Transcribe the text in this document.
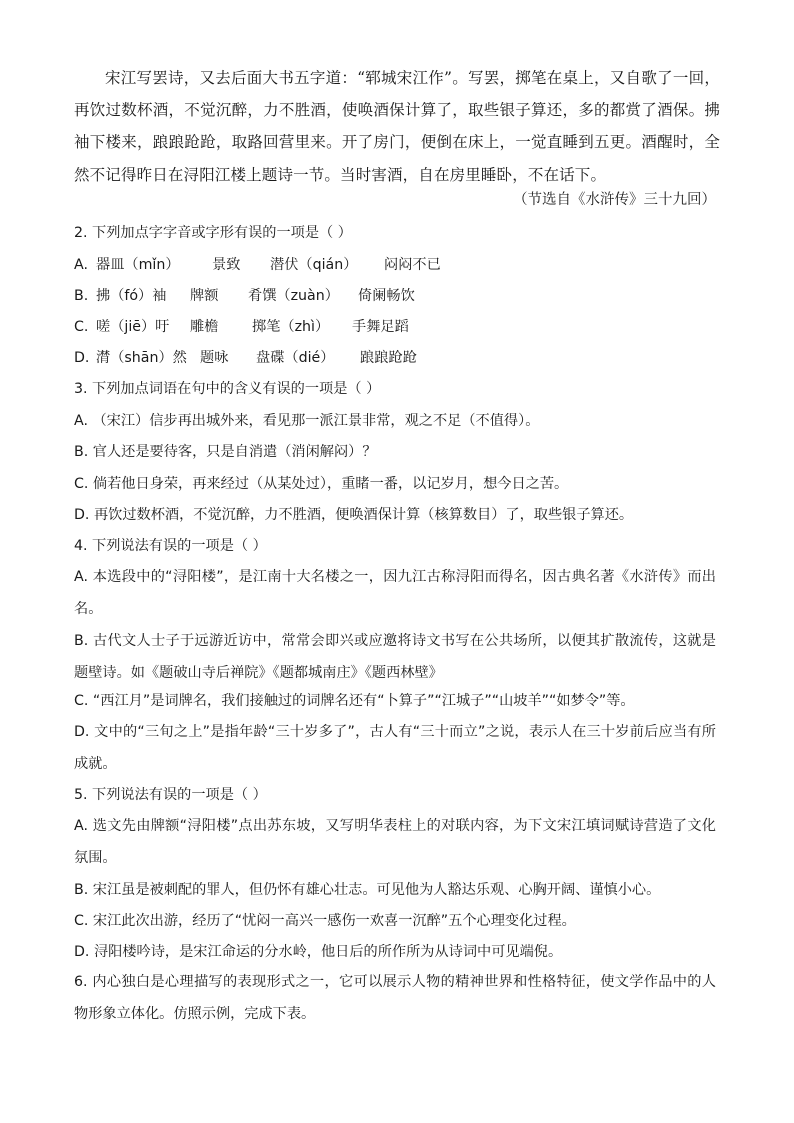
宋江写罢诗，又去后面大书五字道：“郓城宋江作”。写罢，掷笔在桌上，又自歌了一回，再饮过数杯酒，不觉沉醉，力不胜酒，使唤酒保计算了，取些银子算还，多的都赏了酒保。拂袖下楼来，踉踉跄跄，取路回营里来。开了房门，便倒在床上，一觉直睡到五更。酒醒时，全然不记得昨日在浔阳江楼上题诗一节。当时害酒，自在房里睡卧，不在话下。
（节选自《水浒传》三十九回）
2. 下列加点字字音或字形有误的一项是（ ）
A. 器皿（mǐn） 景致 潜伏（qián） 闷闷不已
B. 拂（fó）袖 牌额 肴馔（zuàn） 倚阑畅饮
C. 嗟（jiē）吁 雕檐 掷笔（zhì） 手舞足蹈
D. 潸（shān）然 题咏 盘碟（dié） 踉踉跄跄
3. 下列加点词语在句中的含义有误的一项是（ ）
A. （宋江）信步再出城外来，看见那一派江景非常，观之不足（不值得）。
B. 官人还是要待客，只是自消遣（消闲解闷）？
C. 倘若他日身荣，再来经过（从某处过），重睹一番，以记岁月，想今日之苦。
D. 再饮过数杯酒，不觉沉醉，力不胜酒，便唤酒保计算（核算数目）了，取些银子算还。
4. 下列说法有误的一项是（ ）
A. 本选段中的“浔阳楼”，是江南十大名楼之一，因九江古称浔阳而得名，因古典名著《水浒传》而出名。
B. 古代文人士子于远游近访中，常常会即兴或应邀将诗文书写在公共场所，以便其扩散流传，这就是题壁诗。如《题破山寺后禅院》《题都城南庄》《题西林壁》
C. “西江月”是词牌名，我们接触过的词牌名还有“卜算子”“江城子”“山坡羊”“如梦令”等。
D. 文中的“三旬之上”是指年龄“三十岁多了”，古人有“三十而立”之说，表示人在三十岁前后应当有所成就。
5. 下列说法有误的一项是（ ）
A. 选文先由牌额“浔阳楼”点出苏东坡，又写明华表柱上的对联内容，为下文宋江填词赋诗营造了文化氛围。
B. 宋江虽是被刺配的罪人，但仍怀有雄心壮志。可见他为人豁达乐观、心胸开阔、谨慎小心。
C. 宋江此次出游，经历了“忧闷一高兴一感伤一欢喜一沉醉”五个心理变化过程。
D. 浔阳楼吟诗，是宋江命运的分水岭，他日后的所作所为从诗词中可见端倪。
6. 内心独白是心理描写的表现形式之一，它可以展示人物的精神世界和性格特征，使文学作品中的人物形象立体化。仿照示例，完成下表。
